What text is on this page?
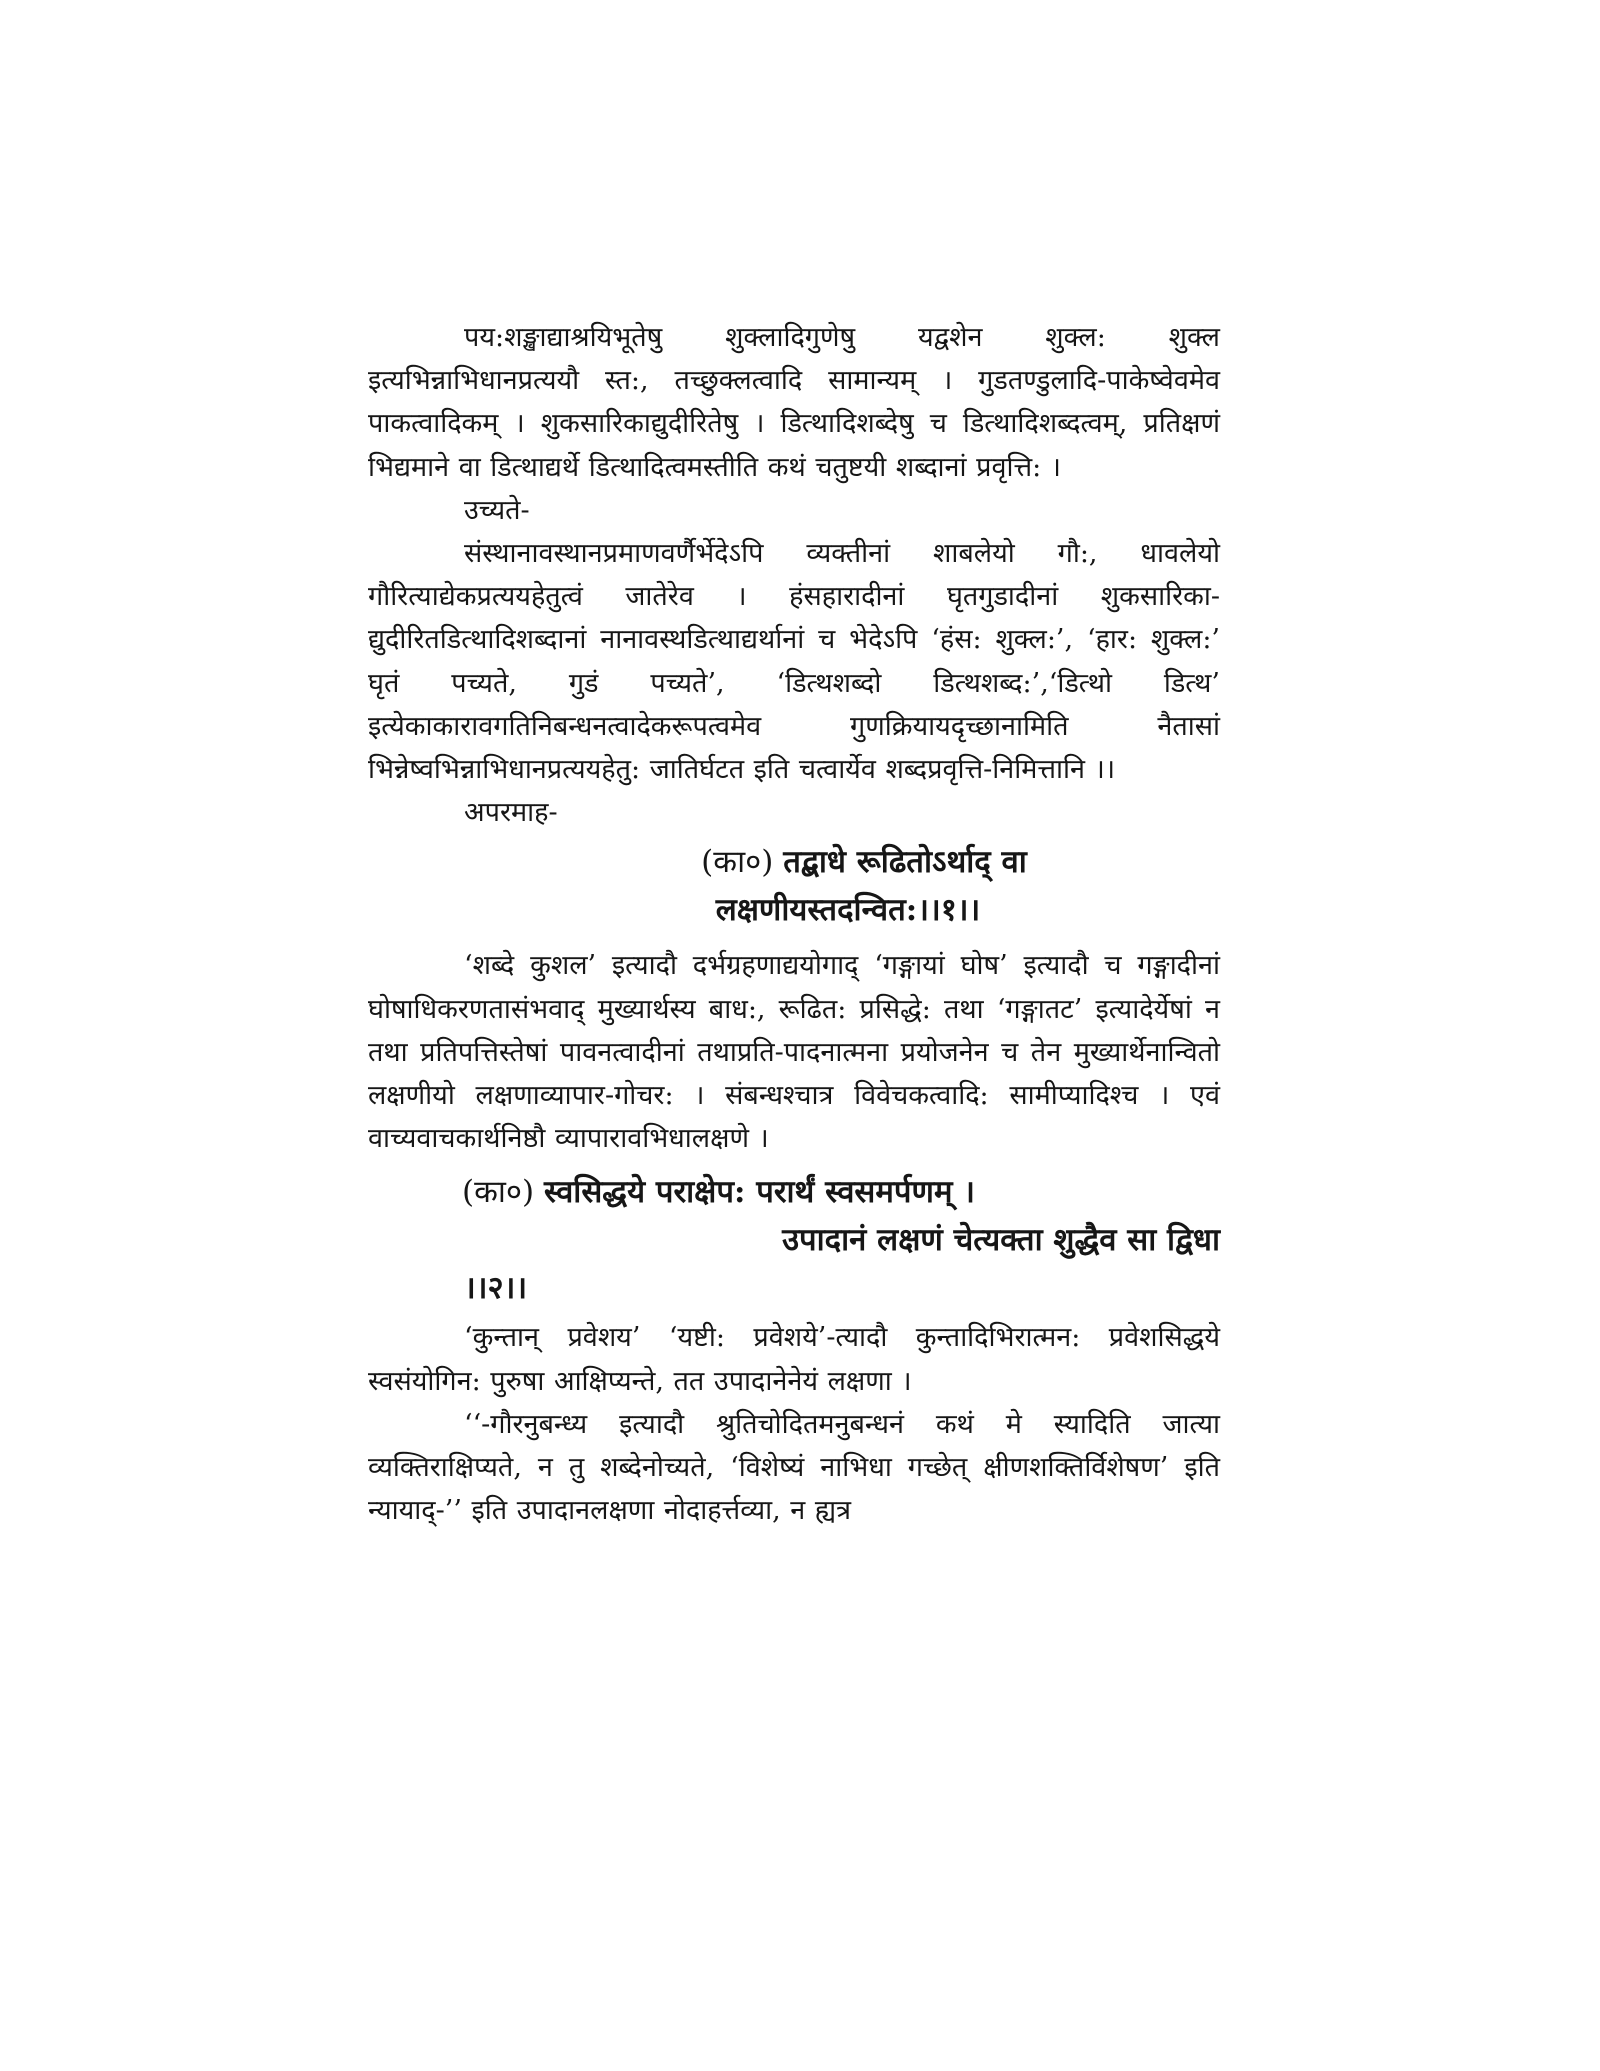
पय:शङ्खाद्याश्रयिभूतेषु शुक्लादिगुणेषु यद्वशेन शुक्ल: शुक्ल इत्यभिन्नाभिधानप्रत्ययौ स्त:, तच्छुक्लत्वादि सामान्यम् । गुडतण्डुलादि-पाकेष्वेवमेव पाकत्वादिकम् । शुकसारिकाद्युदीरितेषु । डित्थादिशब्देषु च डित्थादिशब्दत्वम्, प्रतिक्षणं भिद्यमाने वा डित्थाद्यर्थे डित्थादित्वमस्तीति कथं चतुष्टयी शब्दानां प्रवृत्ति: ।

उच्यते-

संस्थानावस्थानप्रमाणवर्णैर्भेदेऽपि व्यक्तीनां शाबलेयो गौ:, धावलेयो गौरित्याद्येकप्रत्ययहेतुत्वं जातेरेव । हंसहारादीनां घृतगुडादीनां शुकसारिका-द्युदीरितडित्थादिशब्दानां नानावस्थडित्थाद्यर्थानां च भेदेऽपि ‘हंस: शुक्ल:’, ‘हार: शुक्ल:’ घृतं पच्यते, गुडं पच्यते’, ‘डित्थशब्दो डित्थशब्द:’,‘डित्थो डित्थ’ इत्येकाकारावगतिनिबन्धनत्वादेकरूपत्वमेव गुणक्रियायदृच्छानामिति नैतासां भिन्नेष्वभिन्नाभिधानप्रत्ययहेतु: जातिर्घटत इति चत्वार्येव शब्दप्रवृत्ति-निमित्तानि ।।

अपरमाह-

(का०) तद्बाधे रूढितोऽर्थाद् वा
लक्षणीयस्तदन्वित:।।१।।

‘शब्दे कुशल’ इत्यादौ दर्भग्रहणाद्ययोगाद् ‘गङ्गायां घोष’ इत्यादौ च गङ्गादीनां घोषाधिकरणतासंभवाद् मुख्यार्थस्य बाध:, रूढित: प्रसिद्धे: तथा ‘गङ्गातट’ इत्यादेर्येषां न तथा प्रतिपत्तिस्तेषां पावनत्वादीनां तथाप्रति-पादनात्मना प्रयोजनेन च तेन मुख्यार्थेनान्वितो लक्षणीयो लक्षणाव्यापार-गोचर: । संबन्धश्चात्र विवेचकत्वादि: सामीप्यादिश्च । एवं वाच्यवाचकार्थनिष्ठौ व्यापारावभिधालक्षणे ।

(का०) स्वसिद्धये पराक्षेप: परार्थं स्वसमर्पणम् ।
उपादानं लक्षणं चेत्यक्ता शुद्धैव सा द्विधा
।।२।।

‘कुन्तान् प्रवेशय’ ‘यष्टी: प्रवेशये’-त्यादौ कुन्तादिभिरात्मन: प्रवेशसिद्धये स्वसंयोगिन: पुरुषा आक्षिप्यन्ते, तत उपादानेनेयं लक्षणा ।

‘‘-गौरनुबन्ध्य इत्यादौ श्रुतिचोदितमनुबन्धनं कथं मे स्यादिति जात्या व्यक्तिराक्षिप्यते, न तु शब्देनोच्यते, ‘विशेष्यं नाभिधा गच्छेत् क्षीणशक्तिर्विशेषण’ इति न्यायाद्-’’ इति उपादानलक्षणा नोदाहर्त्तव्या, न ह्यत्र
